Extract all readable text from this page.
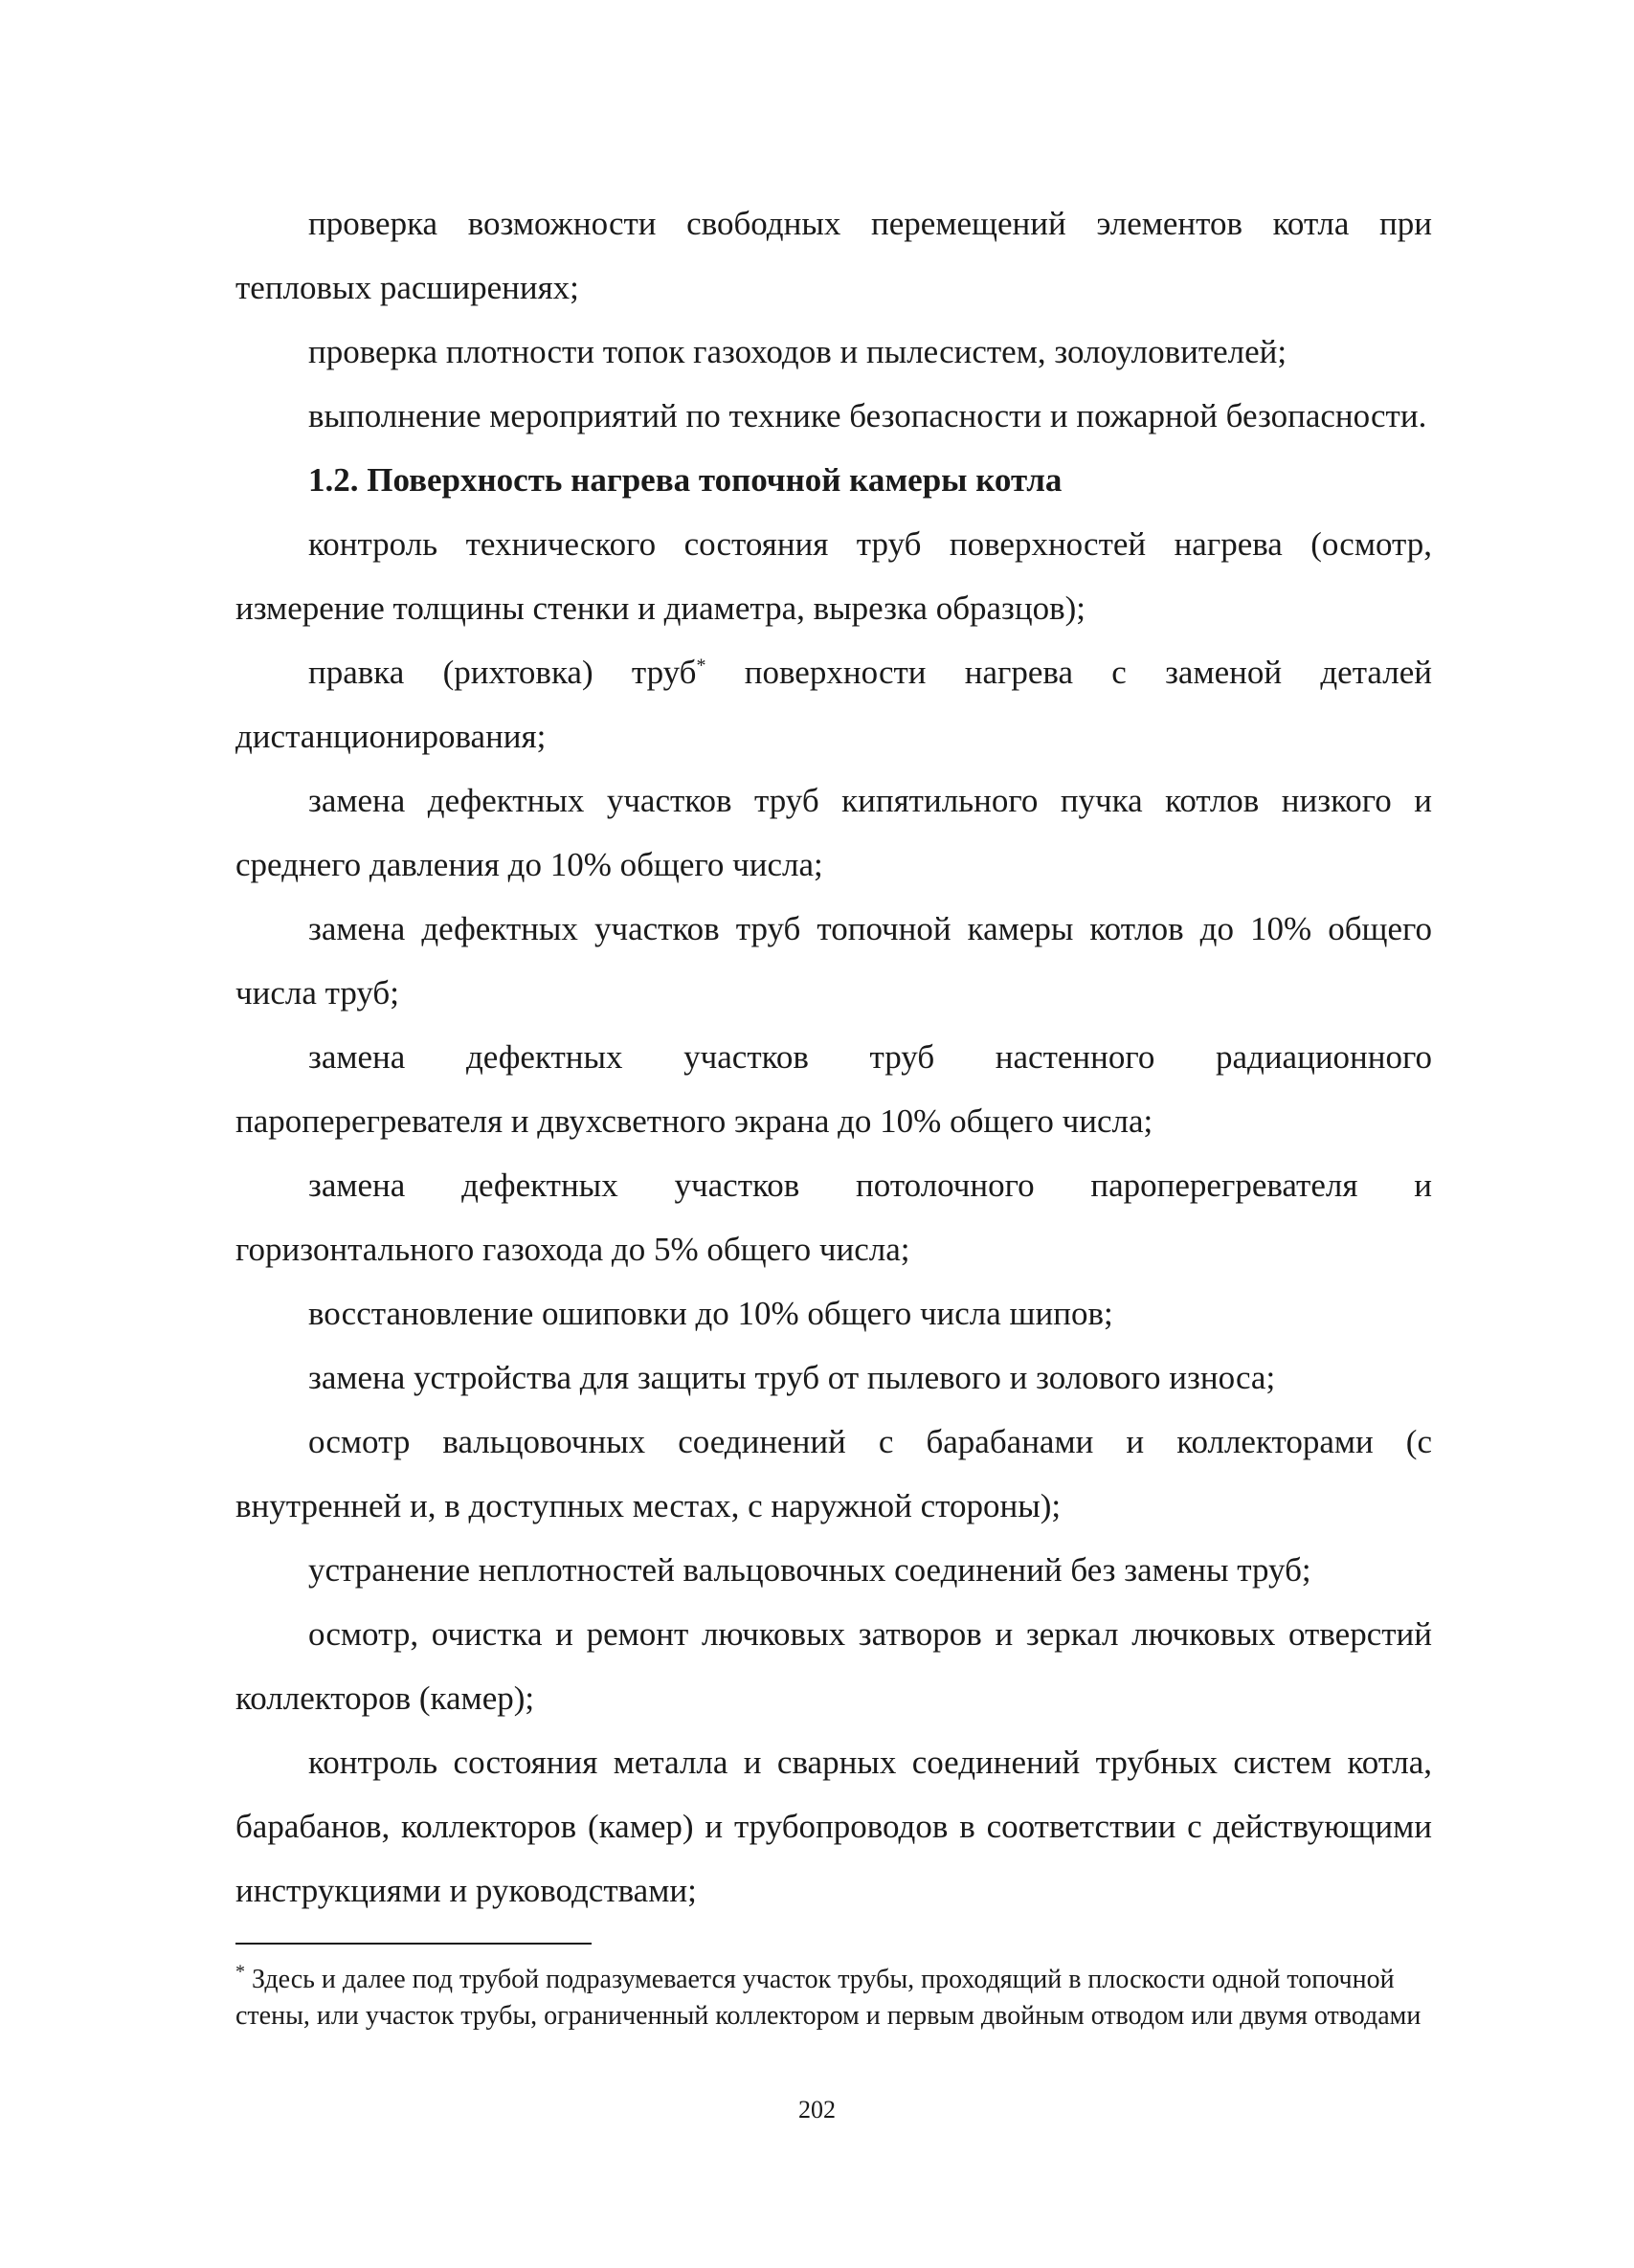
проверка возможности свободных перемещений элементов котла при тепловых расширениях;

проверка плотности топок газоходов и пылесистем, золоуловителей;

выполнение мероприятий по технике безопасности и пожарной безопасности.

1.2. Поверхность нагрева топочной камеры котла

контроль технического состояния труб поверхностей нагрева (осмотр, измерение толщины стенки и диаметра, вырезка образцов);

правка (рихтовка) труб* поверхности нагрева с заменой деталей дистанционирования;

замена дефектных участков труб кипятильного пучка котлов низкого и среднего давления до 10% общего числа;

замена дефектных участков труб топочной камеры котлов до 10% общего числа труб;

замена дефектных участков труб настенного радиационного пароперегревателя и двухсветного экрана до 10% общего числа;

замена дефектных участков потолочного пароперегревателя и горизонтального газохода до 5% общего числа;

восстановление ошиповки до 10% общего числа шипов;

замена устройства для защиты труб от пылевого и золового износа;

осмотр вальцовочных соединений с барабанами и коллекторами (с внутренней и, в доступных местах, с наружной стороны);

устранение неплотностей вальцовочных соединений без замены труб;

осмотр, очистка и ремонт лючковых затворов и зеркал лючковых отверстий коллекторов (камер);

контроль состояния металла и сварных соединений трубных систем котла, барабанов, коллекторов (камер) и трубопроводов в соответствии с действующими инструкциями и руководствами;

* Здесь и далее под трубой подразумевается участок трубы, проходящий в плоскости одной топочной стены, или участок трубы, ограниченный коллектором и первым двойным отводом или двумя отводами

202
